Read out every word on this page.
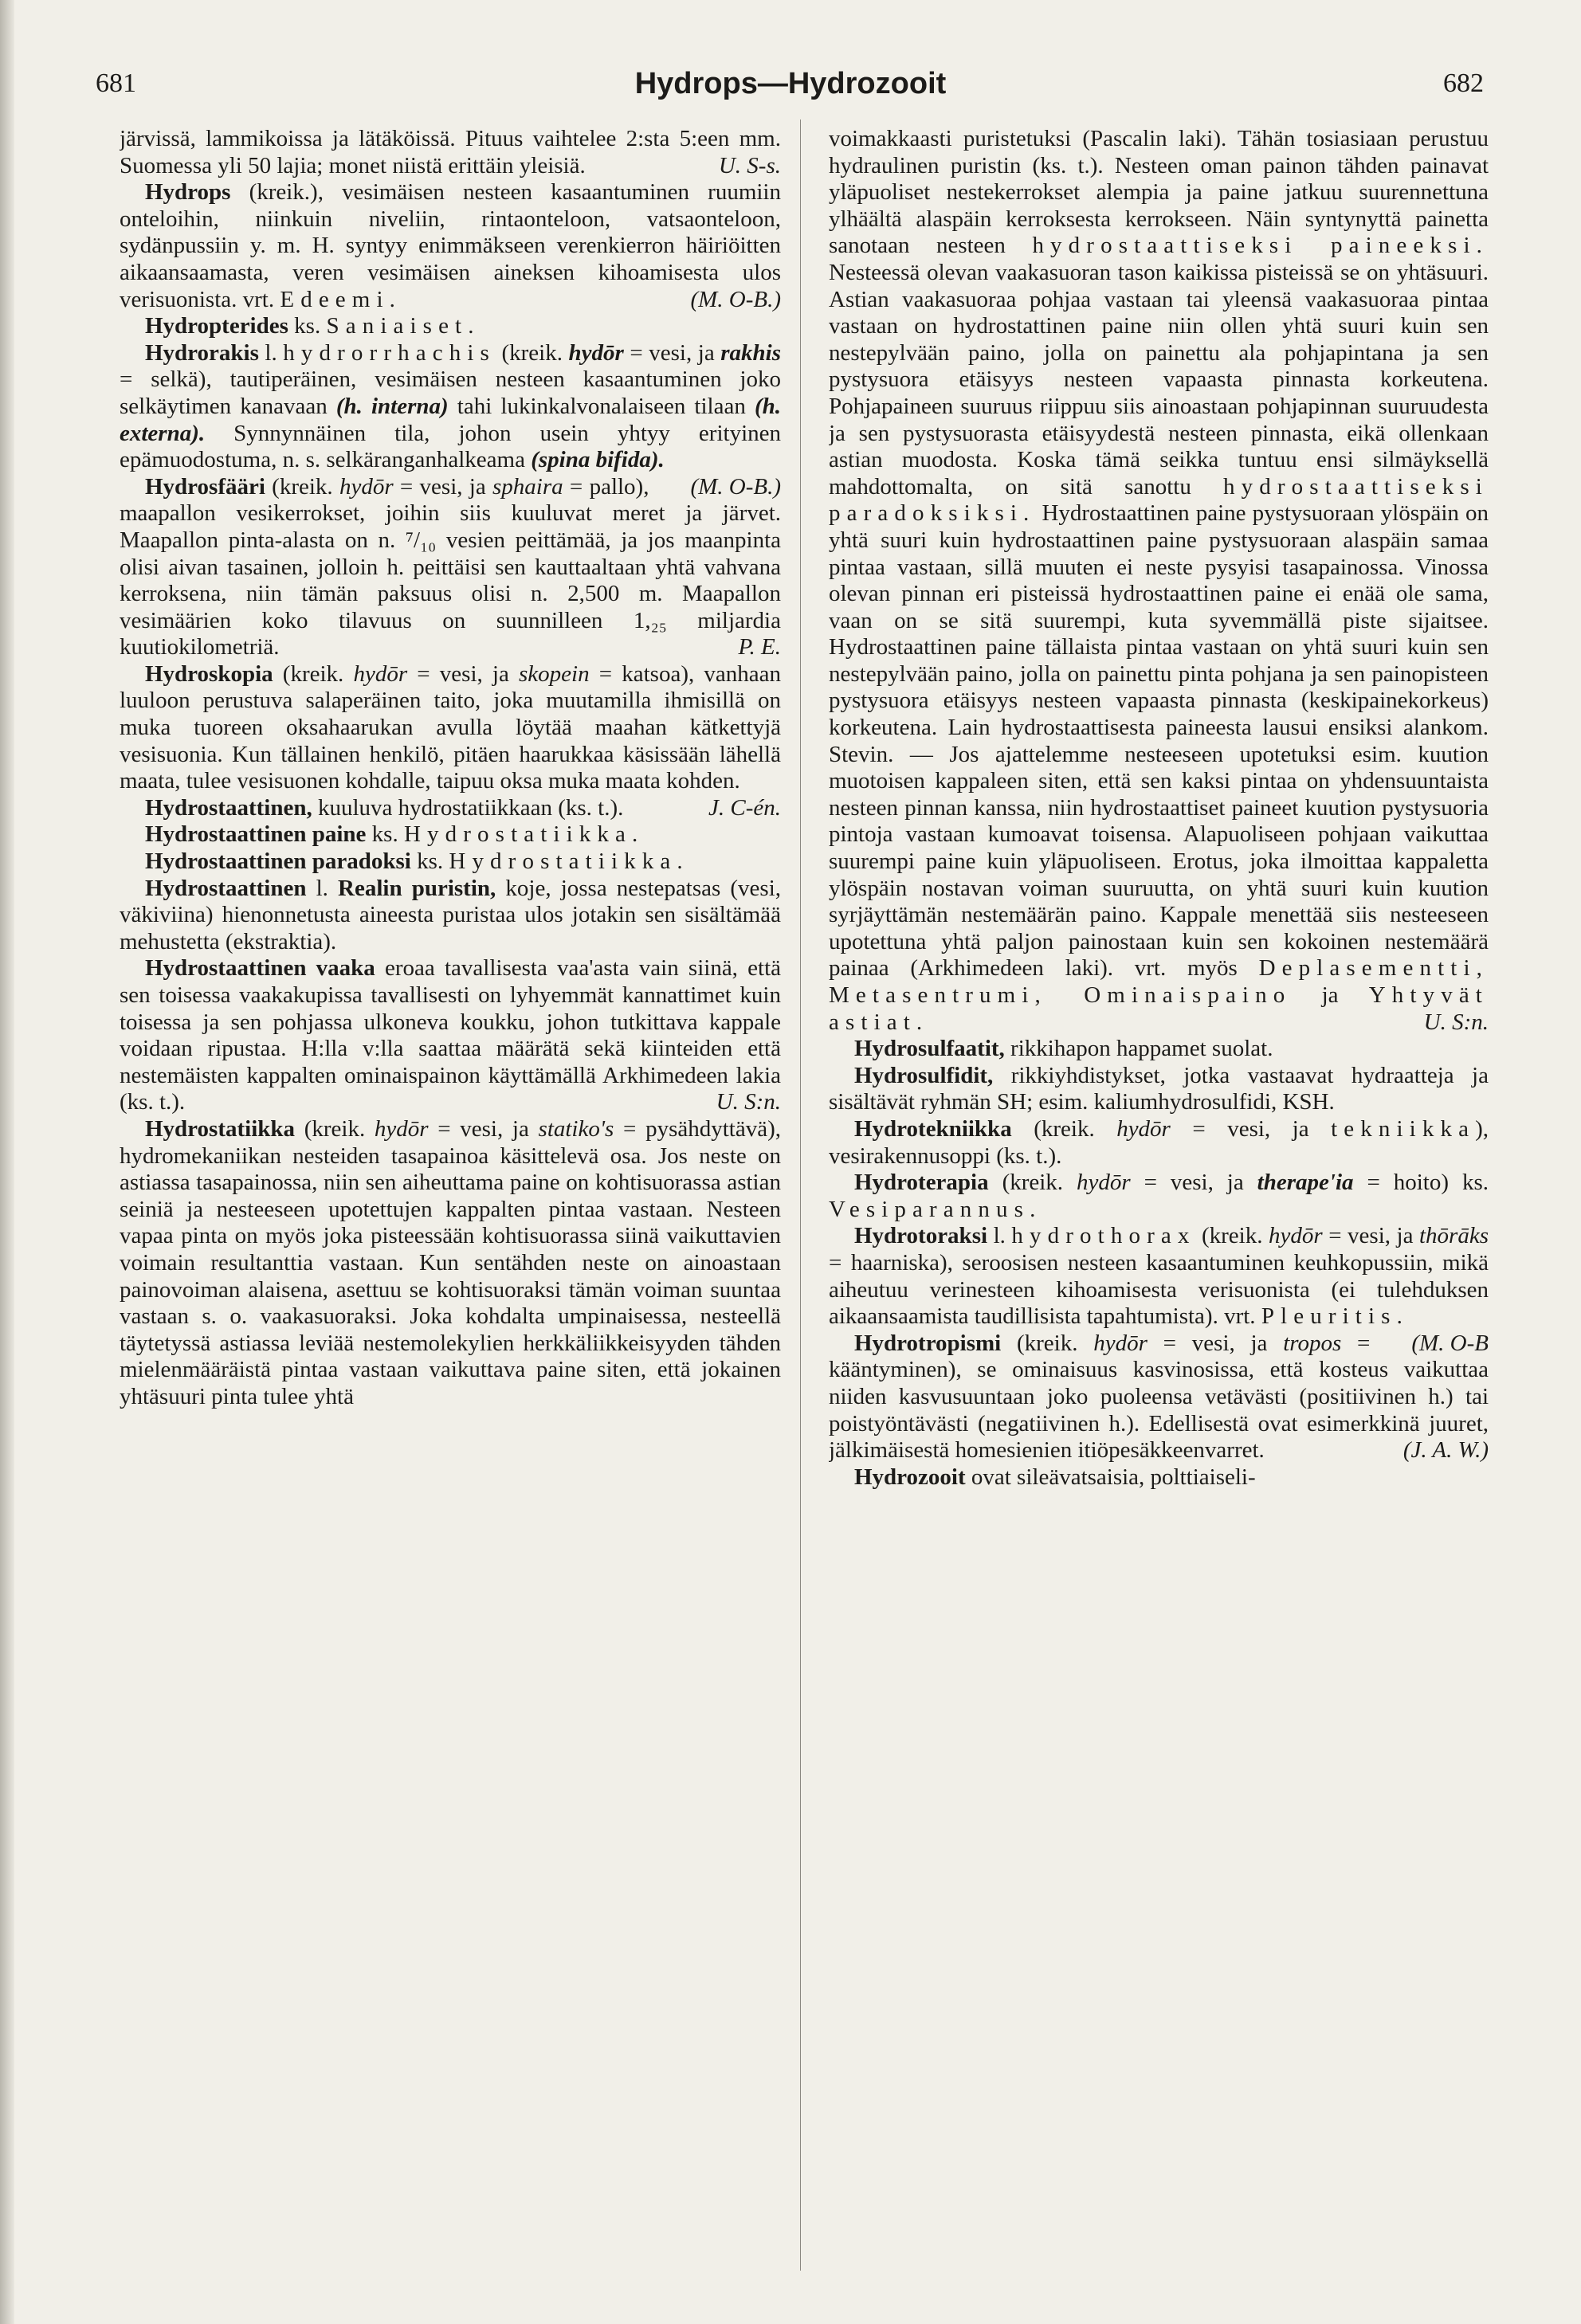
681	Hydrops—Hydrozooit	682

järvissä, lammikoissa ja lätäköissä. Pituus vaihtelee 2:sta 5:een mm. Suomessa yli 50 lajia; monet niistä erittäin yleisiä.	U. S-s.

Hydrops (kreik.), vesimäisen nesteen kasaantuminen ruumiin onteloihin, niinkuin niveliin, rintaonteloon, vatsaonteloon, sydänpussiin y. m. H. syntyy enimmäkseen verenkierron häiriöitten aikaansaamasta, veren vesimäisen aineksen kihoamisesta ulos verisuonista. vrt. Edeemi.	(M. O-B.)

Hydropterides ks. Saniaiset.

Hydrorakis l. hydrorrhachis (kreik. hydōr = vesi, ja rakhis = selkä), tautiperäinen, vesimäisen nesteen kasaantuminen joko selkäytimen kanavaan (h. interna) tahi lukinkalvonalaiseen tilaan (h. externa). Synnynnäinen tila, johon usein yhtyy erityinen epämuodostuma, n. s. selkäranganhalkeama (spina bifida).
(M. O-B.)

Hydrosfääri (kreik. hydōr = vesi, ja sphaira = pallo), maapallon vesikerrokset, joihin siis kuuluvat meret ja järvet. Maapallon pinta-alasta on n. ⁷/₁₀ vesien peittämää, ja jos maanpinta olisi aivan tasainen, jolloin h. peittäisi sen kauttaaltaan yhtä vahvana kerroksena, niin tämän paksuus olisi n. 2,500 m. Maapallon vesimäärien koko tilavuus on suunnilleen 1,₂₅ miljardia kuutiokilometriä.	P. E.

Hydroskopia (kreik. hydōr = vesi, ja skopein = katsoa), vanhaan luuloon perustuva salaperäinen taito, joka muutamilla ihmisillä on muka tuoreen oksahaarukan avulla löytää maahan kätkettyjä vesisuonia. Kun tällainen henkilö, pitäen haarukkaa käsissään lähellä maata, tulee vesisuonen kohdalle, taipuu oksa muka maata kohden.
J. C-én.

Hydrostaattinen, kuuluva hydrostatiikkaan (ks. t.).

Hydrostaattinen paine ks. Hydrostatiikka.

Hydrostaattinen paradoksi ks. Hydrostatiikka.

Hydrostaattinen l. Realin puristin, koje, jossa nestepatsas (vesi, väkiviina) hienonnetusta aineesta puristaa ulos jotakin sen sisältämää mehustetta (ekstraktia).

Hydrostaattinen vaaka eroaa tavallisesta vaa'asta vain siinä, että sen toisessa vaakakupissa tavallisesti on lyhyemmät kannattimet kuin toisessa ja sen pohjassa ulkoneva koukku, johon tutkittava kappale voidaan ripustaa. H:lla v:lla saattaa määrätä sekä kiinteiden että nestemäisten kappalten ominaispainon käyttämällä Arkhimedeen lakia (ks. t.).	U. S:n.

Hydrostatiikka (kreik. hydōr = vesi, ja statiko's = pysähdyttävä), hydromekaniikan nesteiden tasapainoa käsittelevä osa. Jos neste on astiassa tasapainossa, niin sen aiheuttama paine on kohtisuorassa astian seiniä ja nesteeseen upotettujen kappalten pintaa vastaan. Nesteen vapaa pinta on myös joka pisteessään kohtisuorassa siinä vaikuttavien voimain resultanttia vastaan. Kun sentähden neste on ainoastaan painovoiman alaisena, asettuu se kohtisuoraksi tämän voiman suuntaa vastaan s. o. vaakasuoraksi. Joka kohdalta umpinaisessa, nesteellä täytetyssä astiassa leviää nestemolekylien herkkäliikkeisyyden tähden mielenmääräistä pintaa vastaan vaikuttava paine siten, että jokainen yhtäsuuri pinta tulee yhtä

voimakkaasti puristetuksi (Pascalin laki). Tähän tosiasiaan perustuu hydraulinen puristin (ks. t.). Nesteen oman painon tähden painavat yläpuoliset nestekerrokset alempia ja paine jatkuu suurennettuna ylhäältä alaspäin kerroksesta kerrokseen. Näin syntynyttä painetta sanotaan nesteen hydrostaattiseksi paineeksi. Nesteessä olevan vaakasuoran tason kaikissa pisteissä se on yhtäsuuri. Astian vaakasuoraa pohjaa vastaan tai yleensä vaakasuoraa pintaa vastaan on hydrostattinen paine niin ollen yhtä suuri kuin sen nestepylvään paino, jolla on painettu ala pohjapintana ja sen pystysuora etäisyys nesteen vapaasta pinnasta korkeutena. Pohjapaineen suuruus riippuu siis ainoastaan pohjapinnan suuruudesta ja sen pystysuorasta etäisyydestä nesteen pinnasta, eikä ollenkaan astian muodosta. Koska tämä seikka tuntuu ensi silmäyksellä mahdottomalta, on sitä sanottu hydrostaattiseksi paradoksiksi. Hydrostaattinen paine pystysuoraan ylöspäin on yhtä suuri kuin hydrostaattinen paine pystysuoraan alaspäin samaa pintaa vastaan, sillä muuten ei neste pysyisi tasapainossa. Vinossa olevan pinnan eri pisteissä hydrostaattinen paine ei enää ole sama, vaan on se sitä suurempi, kuta syvemmällä piste sijaitsee. Hydrostaattinen paine tällaista pintaa vastaan on yhtä suuri kuin sen nestepylvään paino, jolla on painettu pinta pohjana ja sen painopisteen pystysuora etäisyys nesteen vapaasta pinnasta (keskipainekorkeus) korkeutena. Lain hydrostaattisesta paineesta lausui ensiksi alankom. Stevin. — Jos ajattelemme nesteeseen upotetuksi esim. kuution muotoisen kappaleen siten, että sen kaksi pintaa on yhdensuuntaista nesteen pinnan kanssa, niin hydrostaattiset paineet kuution pystysuoria pintoja vastaan kumoavat toisensa. Alapuoliseen pohjaan vaikuttaa suurempi paine kuin yläpuoliseen. Erotus, joka ilmoittaa kappaletta ylöspäin nostavan voiman suuruutta, on yhtä suuri kuin kuution syrjäyttämän nestemäärän paino. Kappale menettää siis nesteeseen upotettuna yhtä paljon painostaan kuin sen kokoinen nestemäärä painaa (Arkhimedeen laki). vrt. myös Deplasementti, Metasentrumi, Ominaispaino ja Yhtyvät astiat.	U. S:n.

Hydrosulfaatit, rikkihapon happamet suolat.

Hydrosulfidit, rikkiyhdistykset, jotka vastaavat hydraatteja ja sisältävät ryhmän SH; esim. kaliumhydrosulfidi, KSH.

Hydrotekniikka (kreik. hydōr = vesi, ja tekniikka), vesirakennusoppi (ks. t.).

Hydroterapia (kreik. hydōr = vesi, ja therape'ia = hoito) ks. Vesiparannus.

Hydrotoraksi l. hydrothorax (kreik. hydōr = vesi, ja thōrāks = haarniska), seroosisen nesteen kasaantuminen keuhkopussiin, mikä aiheutuu verinesteen kihoamisesta verisuonista (ei tulehduksen aikaansaamista taudillisista tapahtumista). vrt. Pleuritis.
(M. O-B

Hydrotropismi (kreik. hydōr = vesi, ja tropos = kääntyminen), se ominaisuus kasvinosissa, että kosteus vaikuttaa niiden kasvusuuntaan joko puoleensa vetävästi (positiivinen h.) tai poistyöntävästi (negatiivinen h.). Edellisestä ovat esimerkkinä juuret, jälkimäisestä homesienien itiöpesäkkeenvarret.	(J. A. W.)

Hydrozooit ovat sileävatsaisia, polttiaiseli-
